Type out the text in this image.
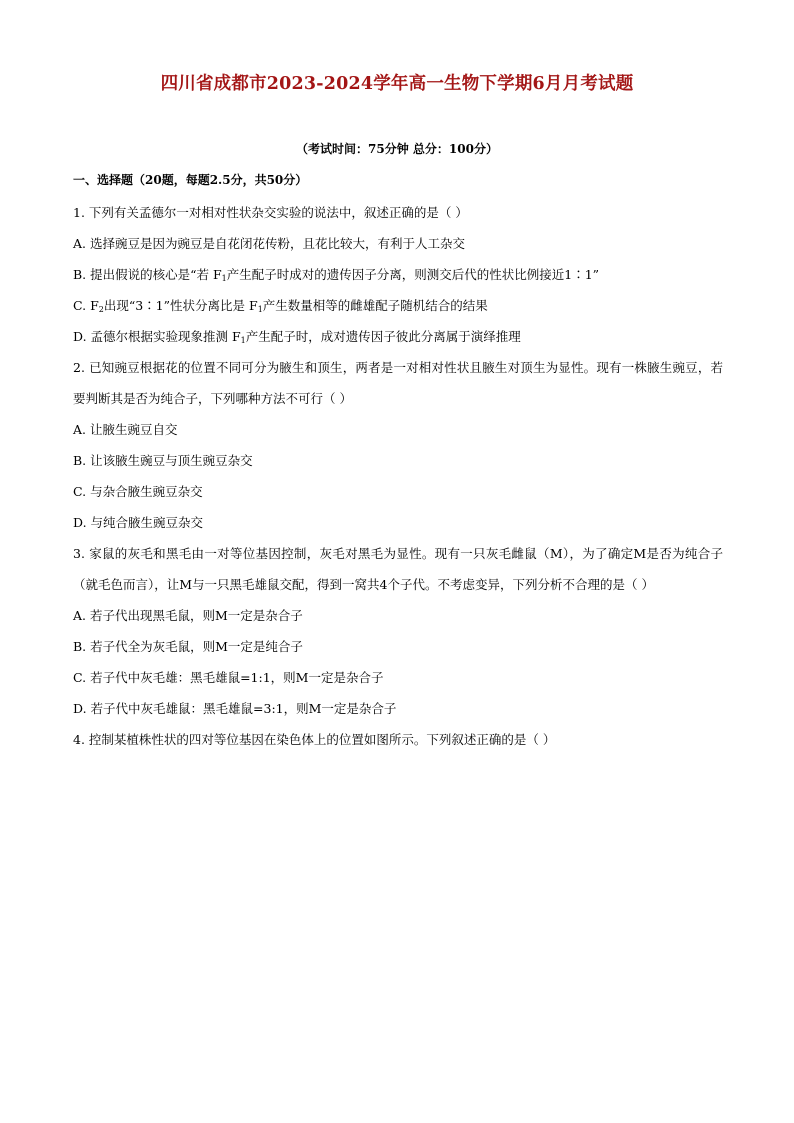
四川省成都市2023-2024学年高一生物下学期6月月考试题
（考试时间：75分钟 总分：100分）
一、选择题（20题，每题2.5分，共50分）
1. 下列有关孟德尔一对相对性状杂交实验的说法中，叙述正确的是（ ）
A. 选择豌豆是因为豌豆是自花闭花传粉，且花比较大，有利于人工杂交
B. 提出假说的核心是“若 $F_1$产生配子时成对的遗传因子分离，则测交后代的性状比例接近1∶1”
C. $F_2$出现“3∶1”性状分离比是 $F_1$产生数量相等的雌雄配子随机结合的结果
D. 孟德尔根据实验现象推测 $F_1$产生配子时，成对遗传因子彼此分离属于演绎推理
2. 已知豌豆根据花的位置不同可分为腋生和顶生，两者是一对相对性状且腋生对顶生为显性。现有一株腋生豌豆，若要判断其是否为纯合子，下列哪种方法不可行（ ）
A. 让腋生豌豆自交
B. 让该腋生豌豆与顶生豌豆杂交
C. 与杂合腋生豌豆杂交
D. 与纯合腋生豌豆杂交
3. 家鼠的灰毛和黑毛由一对等位基因控制，灰毛对黑毛为显性。现有一只灰毛雌鼠（M），为了确定M是否为纯合子（就毛色而言），让M与一只黑毛雄鼠交配，得到一窝共4个子代。不考虑变异，下列分析不合理的是（ ）
A. 若子代出现黑毛鼠，则M一定是杂合子
B. 若子代全为灰毛鼠，则M一定是纯合子
C. 若子代中灰毛雄：黑毛雄鼠=1:1，则M一定是杂合子
D. 若子代中灰毛雄鼠：黑毛雄鼠=3:1，则M一定是杂合子
4. 控制某植株性状的四对等位基因在染色体上的位置如图所示。下列叙述正确的是（ ）
